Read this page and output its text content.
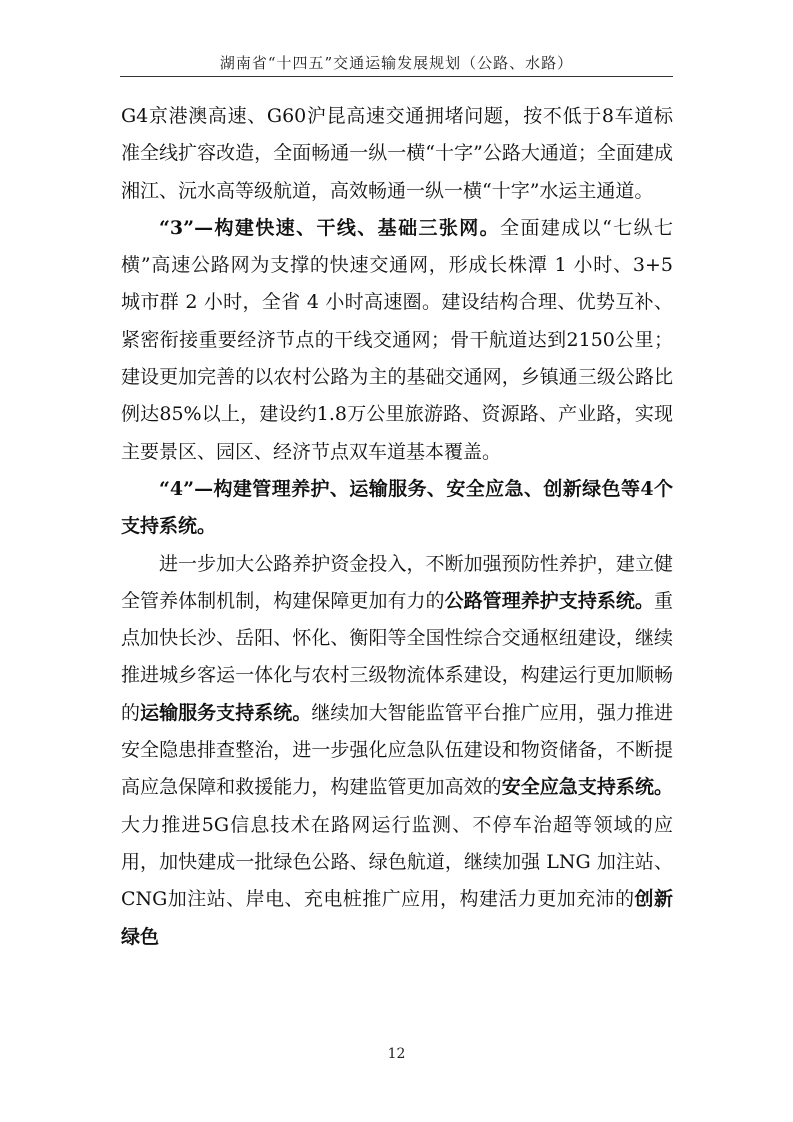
湖南省“十四五”交通运输发展规划（公路、水路）

G4京港澳高速、G60沪昆高速交通拥堵问题，按不低于8车道标准全线扩容改造，全面畅通一纵一横“十字”公路大通道；全面建成湘江、沅水高等级航道，高效畅通一纵一横“十字”水运主通道。

“3”—构建快速、干线、基础三张网。全面建成以“七纵七横”高速公路网为支撑的快速交通网，形成长株潭 1 小时、3+5 城市群 2 小时，全省 4 小时高速圈。建设结构合理、优势互补、紧密衔接重要经济节点的干线交通网；骨干航道达到2150公里；建设更加完善的以农村公路为主的基础交通网，乡镇通三级公路比例达85%以上，建设约1.8万公里旅游路、资源路、产业路，实现主要景区、园区、经济节点双车道基本覆盖。

“4”—构建管理养护、运输服务、安全应急、创新绿色等4个支持系统。

进一步加大公路养护资金投入，不断加强预防性养护，建立健全管养体制机制，构建保障更加有力的公路管理养护支持系统。重点加快长沙、岳阳、怀化、衡阳等全国性综合交通枢纽建设，继续推进城乡客运一体化与农村三级物流体系建设，构建运行更加顺畅的运输服务支持系统。继续加大智能监管平台推广应用，强力推进安全隐患排查整治，进一步强化应急队伍建设和物资储备，不断提高应急保障和救援能力，构建监管更加高效的安全应急支持系统。大力推进5G信息技术在路网运行监测、不停车治超等领域的应用，加快建成一批绿色公路、绿色航道，继续加强 LNG 加注站、CNG加注站、岸电、充电桩推广应用，构建活力更加充沛的创新绿色

12
